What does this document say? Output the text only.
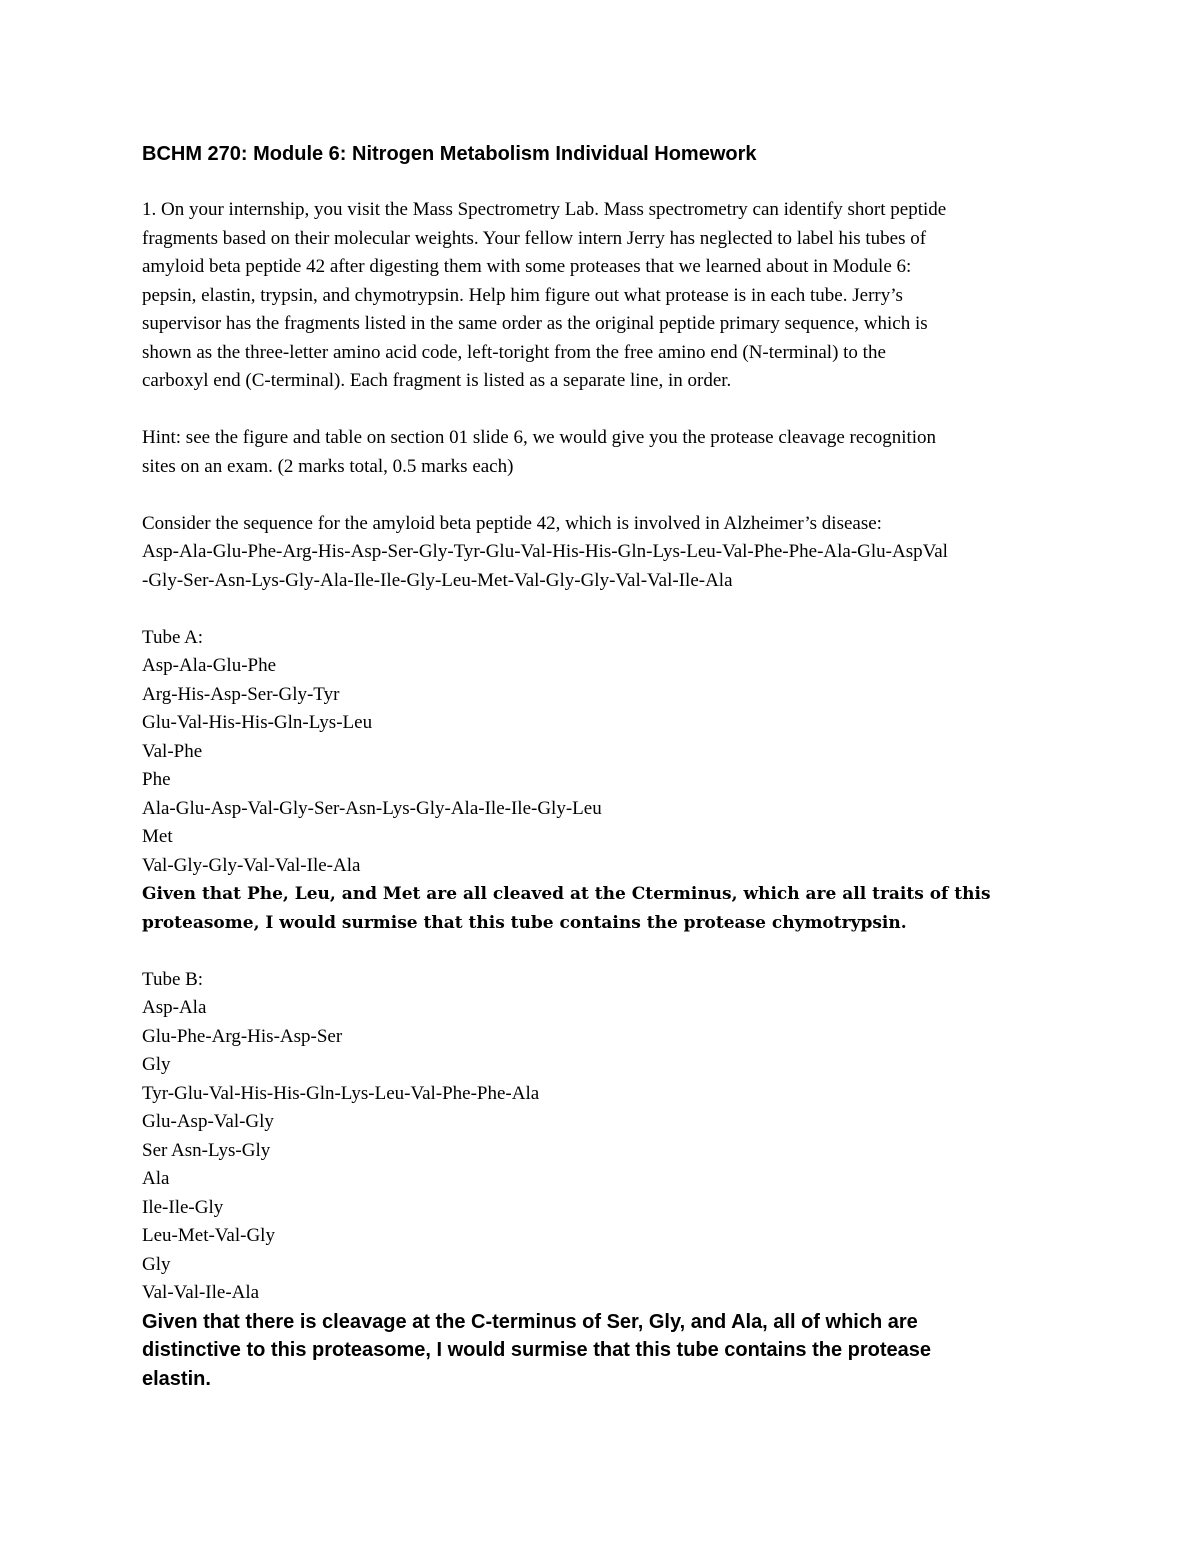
BCHM 270: Module 6: Nitrogen Metabolism Individual Homework
1. On your internship, you visit the Mass Spectrometry Lab. Mass spectrometry can identify short peptide
fragments based on their molecular weights. Your fellow intern Jerry has neglected to label his tubes of
amyloid beta peptide 42 after digesting them with some proteases that we learned about in Module 6:
pepsin, elastin, trypsin, and chymotrypsin. Help him figure out what protease is in each tube. Jerry’s
supervisor has the fragments listed in the same order as the original peptide primary sequence, which is
shown as the three-letter amino acid code, left-toright from the free amino end (N-terminal) to the
carboxyl end (C-terminal). Each fragment is listed as a separate line, in order.
Hint: see the figure and table on section 01 slide 6, we would give you the protease cleavage recognition
sites on an exam. (2 marks total, 0.5 marks each)
Consider the sequence for the amyloid beta peptide 42, which is involved in Alzheimer’s disease:
Asp-Ala-Glu-Phe-Arg-His-Asp-Ser-Gly-Tyr-Glu-Val-His-His-Gln-Lys-Leu-Val-Phe-Phe-Ala-Glu-AspVal
-Gly-Ser-Asn-Lys-Gly-Ala-Ile-Ile-Gly-Leu-Met-Val-Gly-Gly-Val-Val-Ile-Ala
Tube A:
Asp-Ala-Glu-Phe
Arg-His-Asp-Ser-Gly-Tyr
Glu-Val-His-His-Gln-Lys-Leu
Val-Phe
Phe
Ala-Glu-Asp-Val-Gly-Ser-Asn-Lys-Gly-Ala-Ile-Ile-Gly-Leu
Met
Val-Gly-Gly-Val-Val-Ile-Ala
Given that Phe, Leu, and Met are all cleaved at the Cterminus, which are all traits of this
proteasome, I would surmise that this tube contains the protease chymotrypsin.
Tube B:
Asp-Ala
Glu-Phe-Arg-His-Asp-Ser
Gly
Tyr-Glu-Val-His-His-Gln-Lys-Leu-Val-Phe-Phe-Ala
Glu-Asp-Val-Gly
Ser Asn-Lys-Gly
Ala
Ile-Ile-Gly
Leu-Met-Val-Gly
Gly
Val-Val-Ile-Ala
Given that there is cleavage at the C-terminus of Ser, Gly, and Ala, all of which are
distinctive to this proteasome, I would surmise that this tube contains the protease
elastin.
